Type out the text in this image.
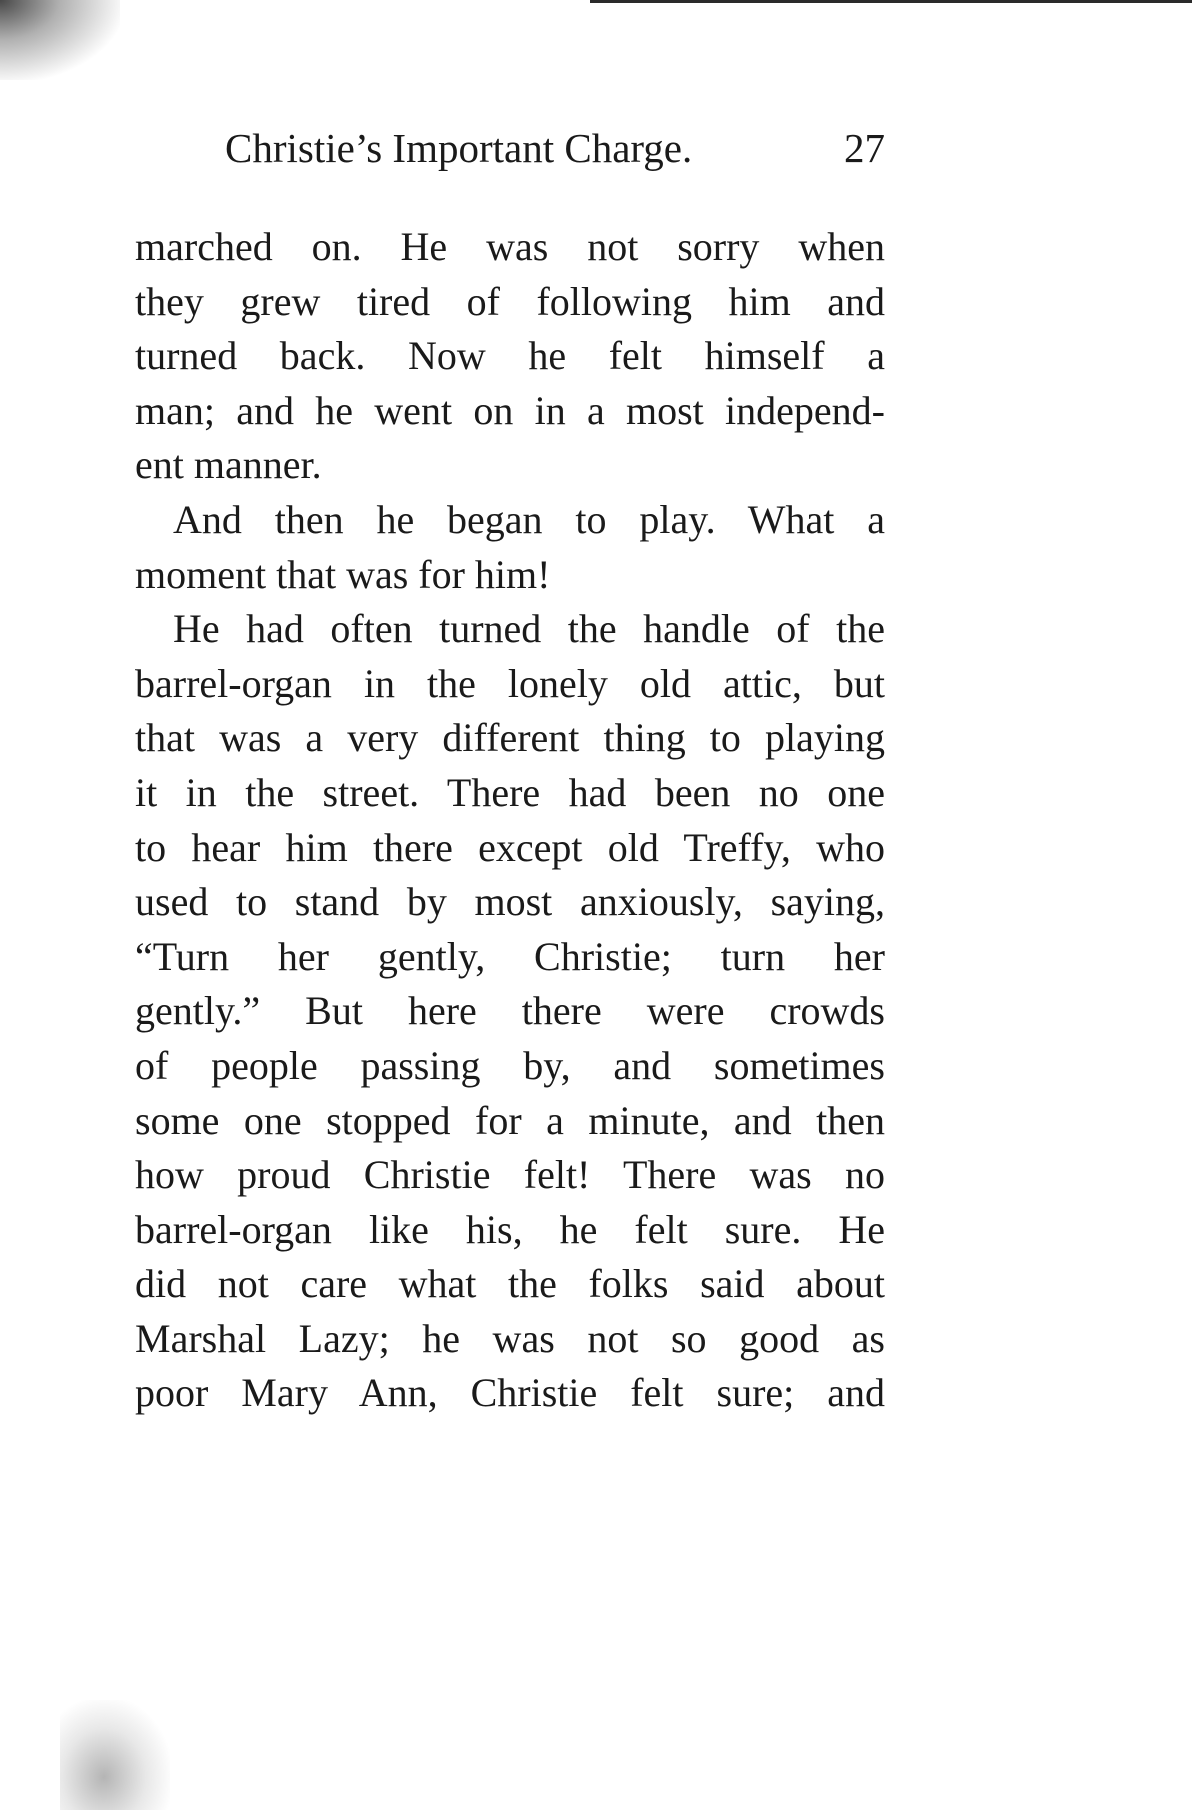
Christie’s Important Charge.	27
marched on. He was not sorry when
they grew tired of following him and
turned back. Now he felt himself a
man; and he went on in a most independ-
ent manner.
And then he began to play. What a
moment that was for him!
He had often turned the handle of the
barrel-organ in the lonely old attic, but
that was a very different thing to playing
it in the street. There had been no one
to hear him there except old Treffy, who
used to stand by most anxiously, saying,
“Turn her gently, Christie; turn her
gently.” But here there were crowds
of people passing by, and sometimes
some one stopped for a minute, and then
how proud Christie felt! There was no
barrel-organ like his, he felt sure. He
did not care what the folks said about
Marshal Lazy; he was not so good as
poor Mary Ann, Christie felt sure; and
